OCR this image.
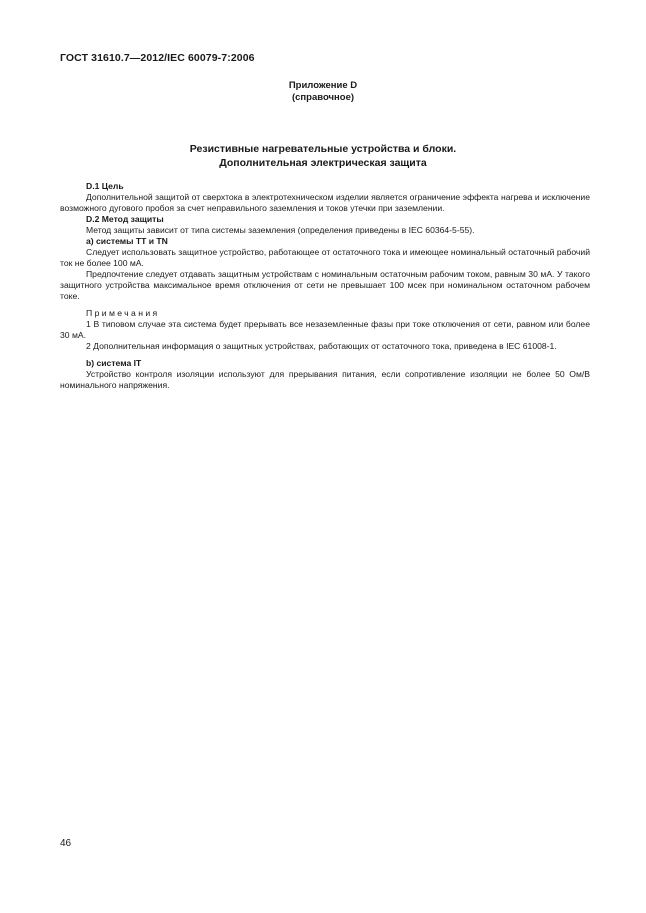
ГОСТ 31610.7—2012/IEC 60079-7:2006
Приложение D
(справочное)
Резистивные нагревательные устройства и блоки.
Дополнительная электрическая защита
D.1 Цель

Дополнительной защитой от сверхтока в электротехническом изделии является ограничение эффекта нагрева и исключение возможного дугового пробоя за счет неправильного заземления и токов утечки при заземлении.

D.2 Метод защиты

Метод защиты зависит от типа системы заземления (определения приведены в IEC 60364-5-55).

а) системы TT и TN

Следует использовать защитное устройство, работающее от остаточного тока и имеющее номинальный остаточный рабочий ток не более 100 мА.

Предпочтение следует отдавать защитным устройствам с номинальным остаточным рабочим током, равным 30 мА. У такого защитного устройства максимальное время отключения от сети не превышает 100 мсек при номинальном остаточном рабочем токе.

Примечания

1 В типовом случае эта система будет прерывать все незаземленные фазы при токе отключения от сети, равном или более 30 мА.

2 Дополнительная информация о защитных устройствах, работающих от остаточного тока, приведена в IEC 61008-1.

b) система IT

Устройство контроля изоляции используют для прерывания питания, если сопротивление изоляции не более 50 Ом/В номинального напряжения.

46
